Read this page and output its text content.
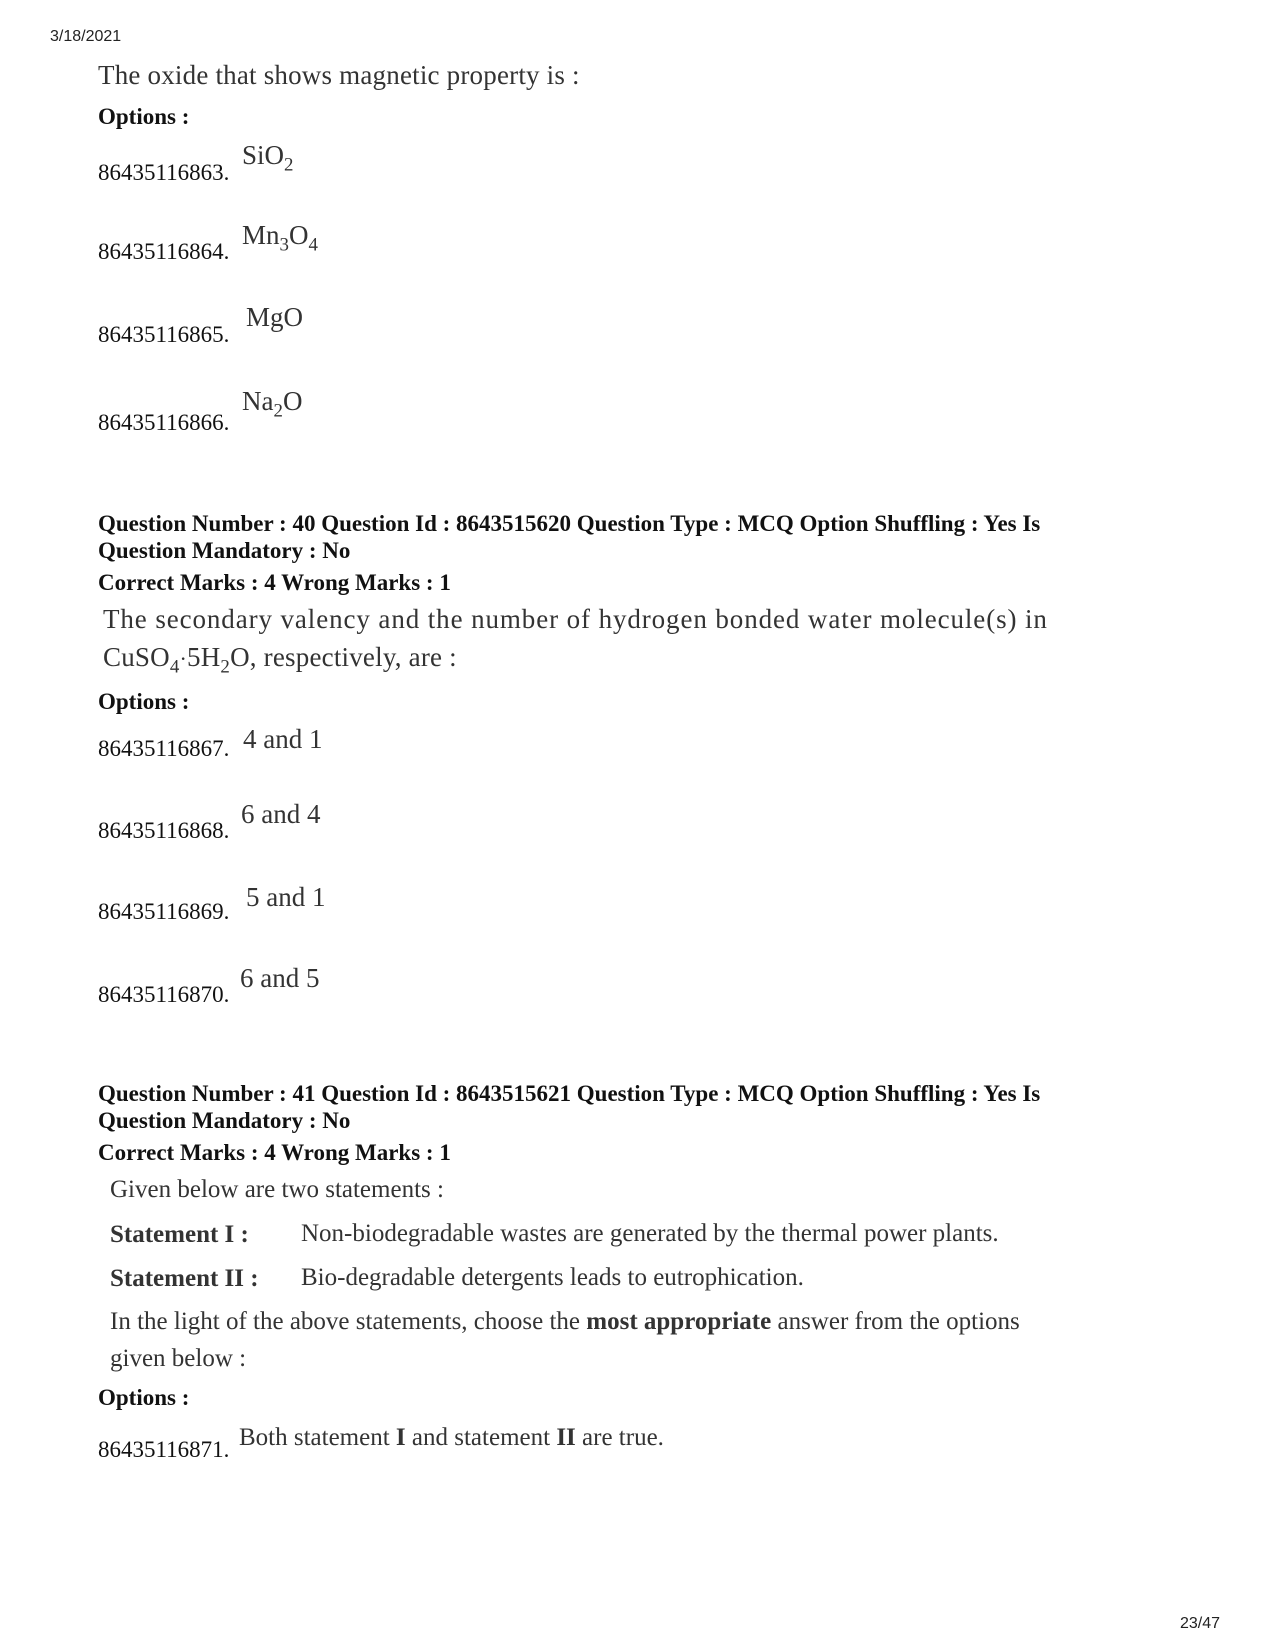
3/18/2021
The oxide that shows magnetic property is :
Options :
86435116863.
SiO$_2$
86435116864.
$Mn_3O_4$
86435116865.
MgO
86435116866.
$Na_2O$
Question Number : 40 Question Id : 8643515620 Question Type : MCQ Option Shuffling : Yes Is
Question Mandatory : No
Correct Marks : 4 Wrong Marks : 1
The secondary valency and the number of hydrogen bonded water molecule(s) in
$CuSO_4\cdot 5H_2O$, respectively, are :
Options :
86435116867. 4 and 1
86435116868.
6 and 4
86435116869. 5 and 1
86435116870.
6 and 5
Question Number : 41 Question Id : 8643515621 Question Type : MCQ Option Shuffling : Yes Is
Question Mandatory : No
Correct Marks : 4 Wrong Marks : 1
Given below are two statements :
Statement I : Non-biodegradable wastes are generated by the thermal power plants.
Statement II : Bio-degradable detergents leads to eutrophication.
In the light of the above statements, choose the most appropriate answer from the options
given below :
Options :
86435116871. Both statement I and statement II are true.
23/47
